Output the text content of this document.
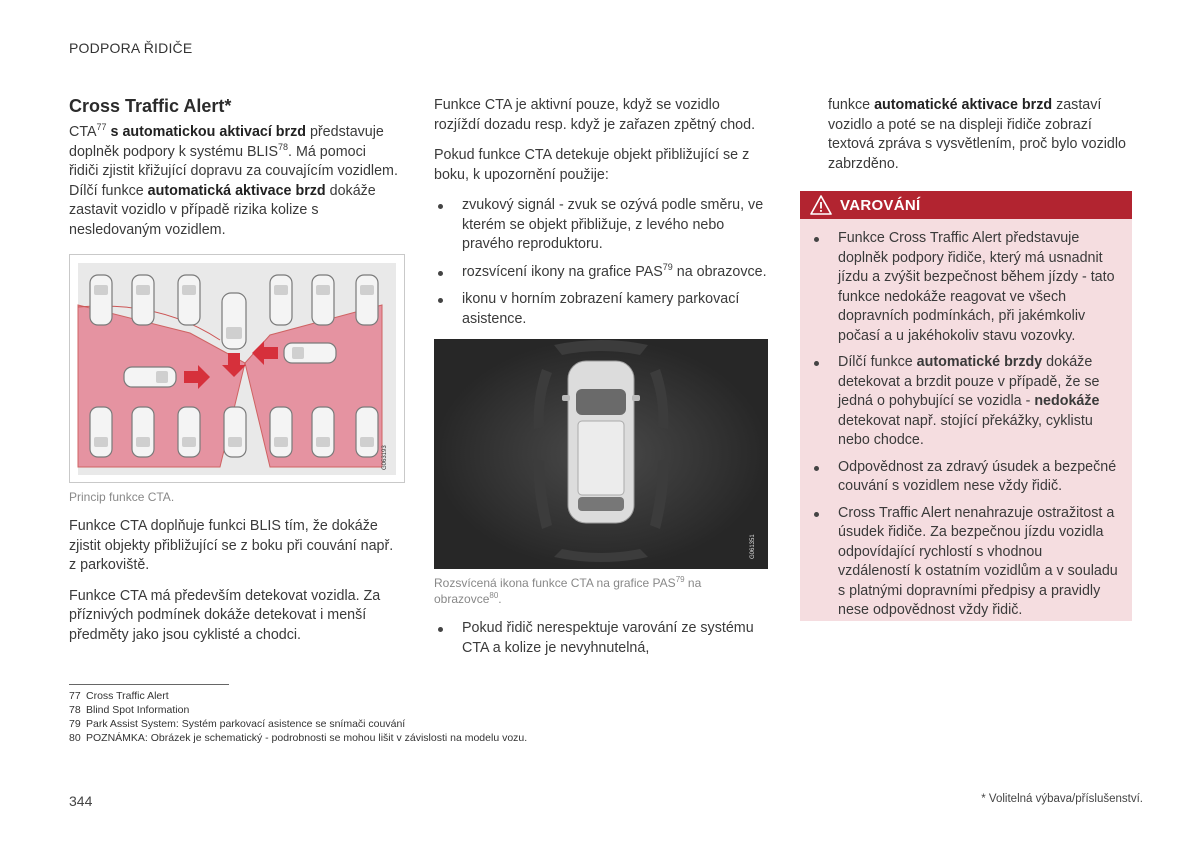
PODPORA ŘIDIČE
Cross Traffic Alert*

CTA$^{77}$ s automatickou aktivací brzd představuje doplněk podpory k systému BLIS$^{78}$. Má pomoci řidiči zjistit křižující dopravu za couvajícím vozidlem. Dílčí funkce automatická aktivace brzd dokáže zastavit vozidlo v případě rizika kolize s nesledovaným vozidlem.

G063193
Princip funkce CTA.

Funkce CTA doplňuje funkci BLIS tím, že dokáže zjistit objekty přibližující se z boku při couvání např. z parkoviště.

Funkce CTA má především detekovat vozidla. Za příznivých podmínek dokáže detekovat i menší předměty jako jsou cyklisté a chodci.

Funkce CTA je aktivní pouze, když se vozidlo rozjíždí dozadu resp. když je zařazen zpětný chod.

Pokud funkce CTA detekuje objekt přibližující se z boku, k upozornění použije:

zvukový signál - zvuk se ozývá podle směru, ve kterém se objekt přibližuje, z levého nebo pravého reproduktoru.
rozsvícení ikony na grafice PAS$^{79}$ na obrazovce.
ikonu v horním zobrazení kamery parkovací asistence.
G061351
Rozsvícená ikona funkce CTA na grafice PAS$^{79}$ na obrazovce$^{80}$.
Pokud řidič nerespektuje varování ze systému CTA a kolize je nevyhnutelná,

funkce automatické aktivace brzd zastaví vozidlo a poté se na displeji řidiče zobrazí textová zpráva s vysvětlením, proč bylo vozidlo zabrzděno.

VAROVÁNÍ
Funkce Cross Traffic Alert představuje doplněk podpory řidiče, který má usnadnit jízdu a zvýšit bezpečnost během jízdy - tato funkce nedokáže reagovat ve všech dopravních podmínkách, při jakémkoliv počasí a u jakéhokoliv stavu vozovky.
Dílčí funkce automatické brzdy dokáže detekovat a brzdit pouze v případě, že se jedná o pohybující se vozidla - nedokáže detekovat např. stojící překážky, cyklistu nebo chodce.
Odpovědnost za zdravý úsudek a bezpečné couvání s vozidlem nese vždy řidič.
Cross Traffic Alert nenahrazuje ostražitost a úsudek řidiče. Za bezpečnou jízdu vozidla odpovídající rychlostí s vhodnou vzdáleností k ostatním vozidlům a v souladu s platnými dopravními předpisy a pravidly nese odpovědnost vždy řidič.
77 Cross Traffic Alert
78 Blind Spot Information
79 Park Assist System: Systém parkovací asistence se snímači couvání
80 POZNÁMKA: Obrázek je schematický - podrobnosti se mohou lišit v závislosti na modelu vozu.
344	* Volitelná výbava/příslušenství.
